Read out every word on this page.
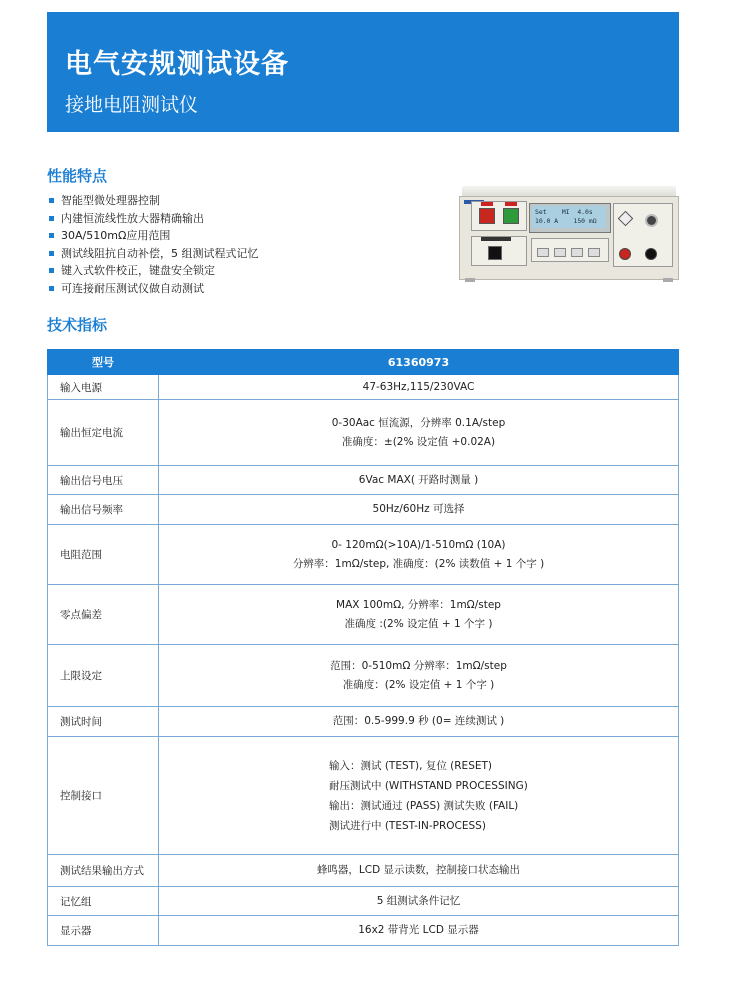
电气安规测试设备
接地电阻测试仪
性能特点
智能型微处理器控制
内建恒流线性放大器精确输出
30A/510mΩ应用范围
测试线阻抗自动补偿，5 组测试程式记忆
键入式软件校正，键盘安全锁定
可连接耐压测试仪做自动测试
Set    MI  4.0s
10.0 A    150 mΩ
技术指标
型号	61360973
输入电源	47-63Hz,115/230VAC

输出恒定电流	0-30Aac 恒流源，分辨率 0.1A/step
准确度：±(2% 设定值 +0.02A)

输出信号电压	6Vac MAX( 开路时测量 )

输出信号频率	50Hz/60Hz 可选择

电阻范围	0- 120mΩ(>10A)/1-510mΩ (10A)
分辨率：1mΩ/step, 准确度：(2% 读数值 + 1 个字 )

零点偏差	MAX 100mΩ, 分辨率：1mΩ/step
准确度 :(2% 设定值 + 1 个字 )

上限设定	范围：0-510mΩ 分辨率：1mΩ/step
准确度：(2% 设定值 + 1 个字 )

测试时间	范围：0.5-999.9 秒 (0= 连续测试 )

控制接口	输入：测试 (TEST), 复位 (RESET)
耐压测试中 (WITHSTAND PROCESSING)
输出：测试通过 (PASS) 测试失败 (FAIL)
测试进行中 (TEST-IN-PROCESS)

测试结果输出方式	蜂鸣器，LCD 显示读数，控制接口状态输出

记忆组	5 组测试条件记忆

显示器	16x2 带背光 LCD 显示器
